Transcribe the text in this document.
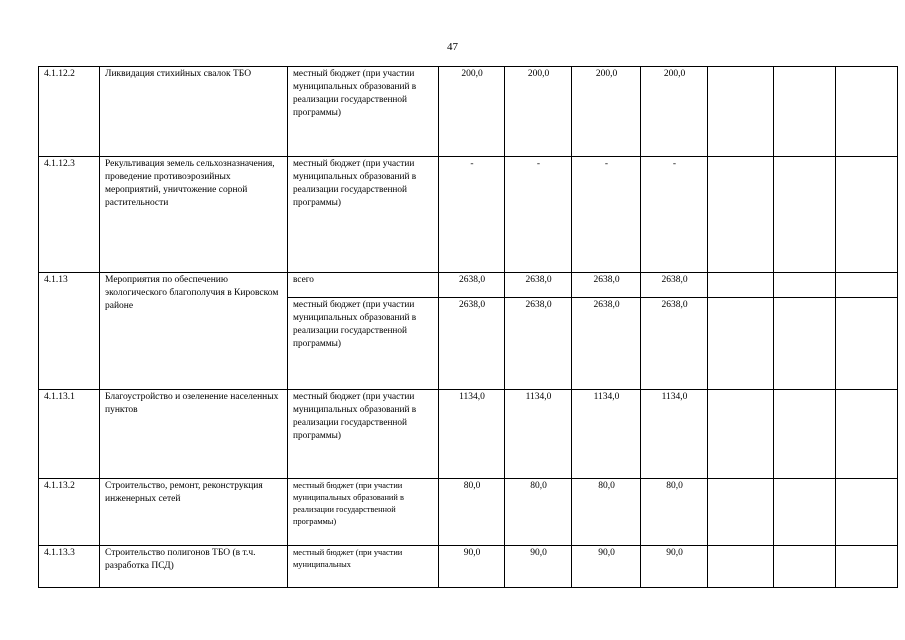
47
4.1.12.2	Ликвидация стихийных свалок ТБО	местный бюджет (при участии муниципальных образований в реализации государственной программы)	200,0	200,0	200,0	200,0			
4.1.12.3	Рекультивация земель сельхозназначения, проведение противоэрозийных мероприятий, уничтожение сорной растительности	местный бюджет (при участии муниципальных образований в реализации государственной программы)	-	-	-	-			
4.1.13	Мероприятия по обеспечению экологического благополучия в Кировском районе	всего	2638,0	2638,0	2638,0	2638,0			
		местный бюджет (при участии муниципальных образований в реализации государственной программы)	2638,0	2638,0	2638,0	2638,0			
4.1.13.1	Благоустройство и озеленение населенных пунктов	местный бюджет (при участии муниципальных образований в реализации государственной программы)	1134,0	1134,0	1134,0	1134,0			
4.1.13.2	Строительство, ремонт, реконструкция инженерных сетей	местный бюджет (при участии муниципальных образований в реализации государственной программы)	80,0	80,0	80,0	80,0			
4.1.13.3	Строительство полигонов ТБО (в т.ч. разработка ПСД)	местный бюджет (при участии муниципальных	90,0	90,0	90,0	90,0			
